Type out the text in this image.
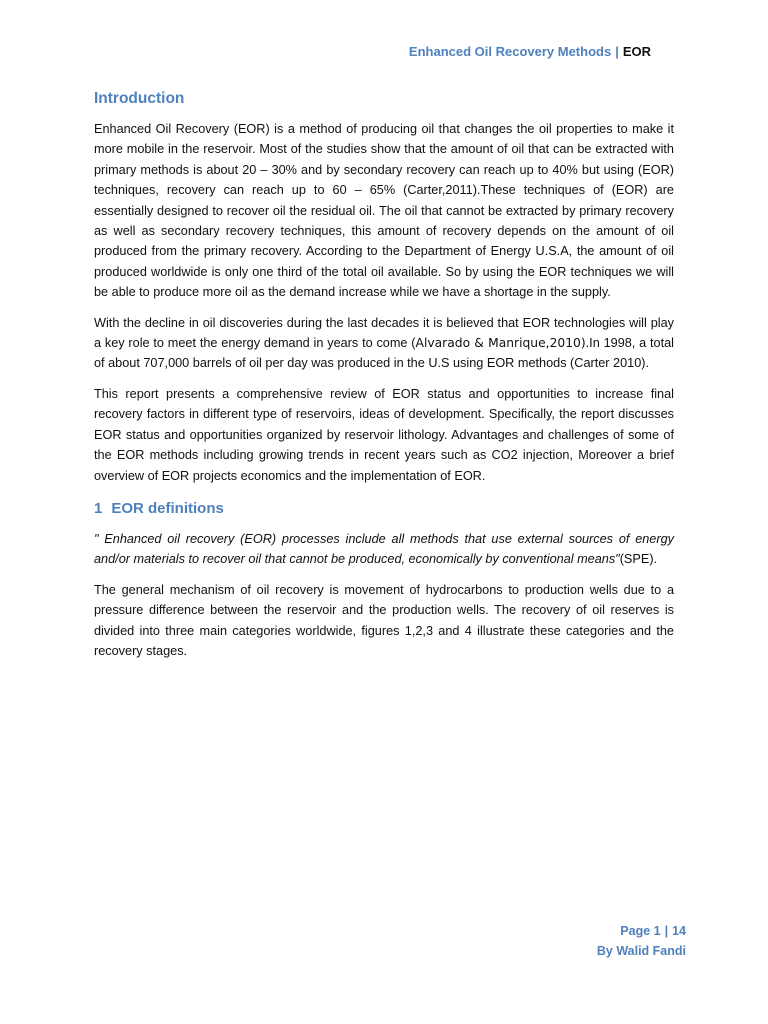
Enhanced Oil Recovery Methods | EOR
Introduction

Enhanced Oil Recovery (EOR) is a method of producing oil that changes the oil properties to make it more mobile in the reservoir. Most of the studies show that the amount of oil that can be extracted with primary methods is about 20 – 30% and by secondary recovery can reach up to 40% but using (EOR) techniques, recovery can reach up to 60 – 65% (Carter,2011).These techniques of (EOR) are essentially designed to recover oil the residual oil. The oil that cannot be extracted by primary recovery as well as secondary recovery techniques, this amount of recovery depends on the amount of oil produced from the primary recovery. According to the Department of Energy U.S.A, the amount of oil produced worldwide is only one third of the total oil available. So by using the EOR techniques we will be able to produce more oil as the demand increase while we have a shortage in the supply.

With the decline in oil discoveries during the last decades it is believed that EOR technologies will play a key role to meet the energy demand in years to come (Alvarado & Manrique,2010).In 1998, a total of about 707,000 barrels of oil per day was produced in the U.S using EOR methods (Carter 2010).

This report presents a comprehensive review of EOR status and opportunities to increase final recovery factors in different type of reservoirs, ideas of development. Specifically, the report discusses EOR status and opportunities organized by reservoir lithology. Advantages and challenges of some of the EOR methods including growing trends in recent years such as CO2 injection, Moreover a brief overview of EOR projects economics and the implementation of EOR.

1 EOR definitions

" Enhanced oil recovery (EOR) processes include all methods that use external sources of energy and/or materials to recover oil that cannot be produced, economically by conventional means"(SPE).

The general mechanism of oil recovery is movement of hydrocarbons to production wells due to a pressure difference between the reservoir and the production wells. The recovery of oil reserves is divided into three main categories worldwide, figures 1,2,3 and 4 illustrate these categories and the recovery stages.

Page 1 | 14
By Walid Fandi
